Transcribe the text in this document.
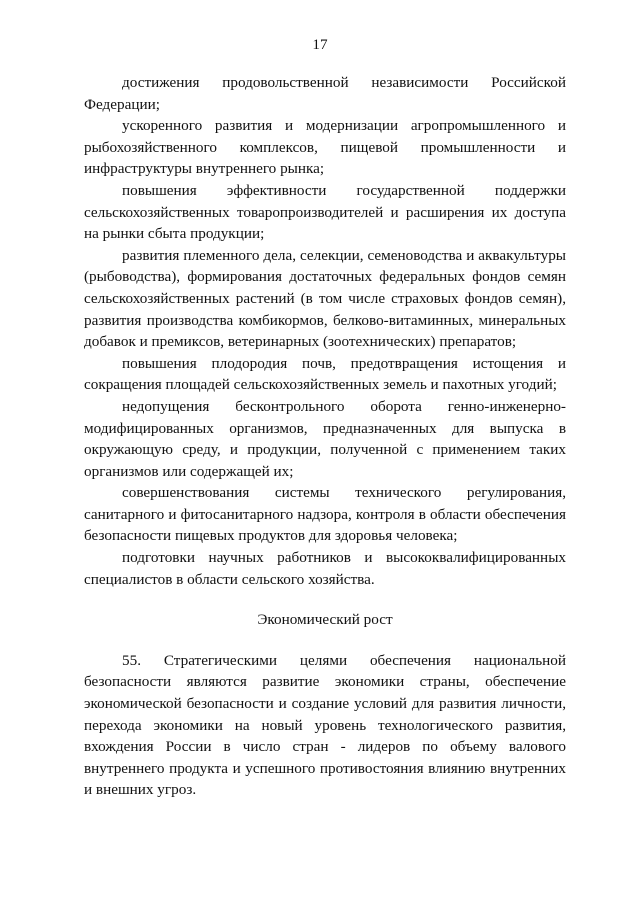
17

достижения продовольственной независимости Российской Федерации;

ускоренного развития и модернизации агропромышленного и рыбохозяйственного комплексов, пищевой промышленности и инфраструктуры внутреннего рынка;

повышения эффективности государственной поддержки сельскохозяйственных товаропроизводителей и расширения их доступа на рынки сбыта продукции;

развития племенного дела, селекции, семеноводства и аквакультуры (рыбоводства), формирования достаточных федеральных фондов семян сельскохозяйственных растений (в том числе страховых фондов семян), развития производства комбикормов, белково-витаминных, минеральных добавок и премиксов, ветеринарных (зоотехнических) препаратов;

повышения плодородия почв, предотвращения истощения и сокращения площадей сельскохозяйственных земель и пахотных угодий;

недопущения бесконтрольного оборота генно-инженерно-модифицированных организмов, предназначенных для выпуска в окружающую среду, и продукции, полученной с применением таких организмов или содержащей их;

совершенствования системы технического регулирования, санитарного и фитосанитарного надзора, контроля в области обеспечения безопасности пищевых продуктов для здоровья человека;

подготовки научных работников и высококвалифицированных специалистов в области сельского хозяйства.

Экономический рост

55. Стратегическими целями обеспечения национальной безопасности являются развитие экономики страны, обеспечение экономической безопасности и создание условий для развития личности, перехода экономики на новый уровень технологического развития, вхождения России в число стран - лидеров по объему валового внутреннего продукта и успешного противостояния влиянию внутренних и внешних угроз.
